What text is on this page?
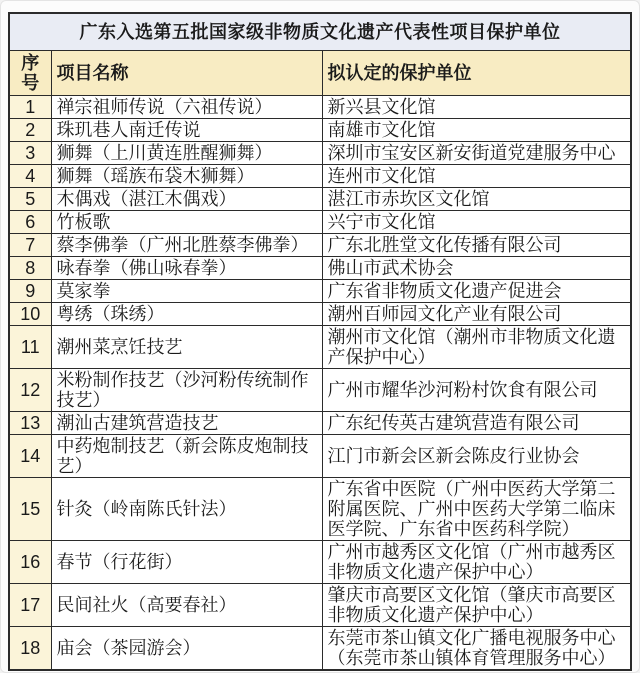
广东入选第五批国家级非物质文化遗产代表性项目保护单位		
序号	项目名称	拟认定的保护单位
1	禅宗祖师传说（六祖传说）	新兴县文化馆
2	珠玑巷人南迁传说	南雄市文化馆
3	狮舞（上川黄连胜醒狮舞）	深圳市宝安区新安街道党建服务中心
4	狮舞（瑶族布袋木狮舞）	连州市文化馆
5	木偶戏（湛江木偶戏）	湛江市赤坎区文化馆
6	竹板歌	兴宁市文化馆
7	蔡李佛拳（广州北胜蔡李佛拳）	广东北胜堂文化传播有限公司
8	咏春拳（佛山咏春拳）	佛山市武术协会
9	莫家拳	广东省非物质文化遗产促进会
10	粤绣（珠绣）	潮州百师园文化产业有限公司
11	潮州菜烹饪技艺	潮州市文化馆（潮州市非物质文化遗产保护中心）
12	米粉制作技艺（沙河粉传统制作技艺）	广州市耀华沙河粉村饮食有限公司
13	潮汕古建筑营造技艺	广东纪传英古建筑营造有限公司
14	中药炮制技艺（新会陈皮炮制技艺）	江门市新会区新会陈皮行业协会
15	针灸（岭南陈氏针法）	广东省中医院（广州中医药大学第二附属医院、广州中医药大学第二临床医学院、广东省中医药科学院）
16	春节（行花街）	广州市越秀区文化馆（广州市越秀区非物质文化遗产保护中心）
17	民间社火（高要春社）	肇庆市高要区文化馆（肇庆市高要区非物质文化遗产保护中心）
18	庙会（茶园游会）	东莞市茶山镇文化广播电视服务中心（东莞市茶山镇体育管理服务中心）
